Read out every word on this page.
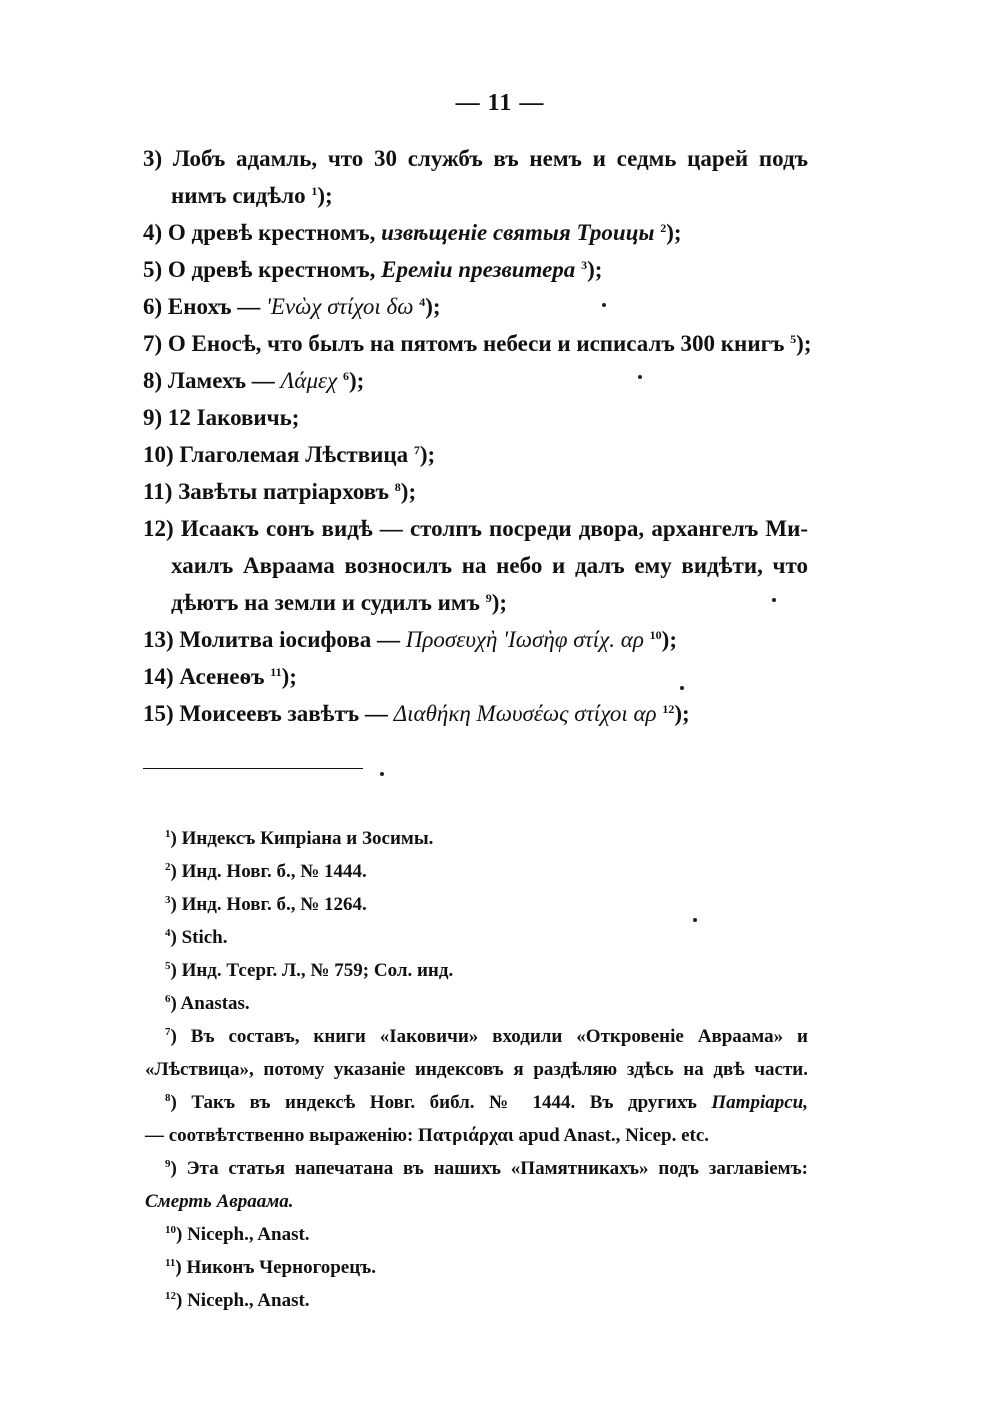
— 11 —
3) Лобъ адамль, что 30 службъ въ немъ и седмь царей подъ
нимъ сидѣло $^1$);
4) О древѣ крестномъ, извѣщеніе святыя Троицы $^2$);
5) О древѣ крестномъ, Ереміи презвитера $^3$);
6) Енохъ — 'Ενὼχ στίχοι δω $^4$);
7) О Еносѣ, что былъ на пятомъ небеси и исписалъ 300 книгъ $^5$);
8) Ламехъ — Λάμεχ $^6$);
9) 12 Іаковичь;
10) Глаголемая Лѣствица $^7$);
11) Завѣты патріарховъ $^8$);
12) Исаакъ сонъ видѣ — столпъ посреди двора, архангелъ Ми-
хаилъ Авраама возносилъ на небо и далъ ему видѣти, что
дѣютъ на земли и судилъ имъ $^9$);
13) Молитва іосифова — Προσευχὴ 'Ιωσὴφ στίχ. αρ $^{10}$);
14) Асенеѳъ $^{11}$);
15) Моисеевъ завѣтъ — Διαθήκη Μωυσέως στίχοι αρ $^{12}$);
$^1$) Индексъ Кипріана и Зосимы.
$^2$) Инд. Новг. б., № 1444.
$^3$) Инд. Новг. б., № 1264.
$^4$) Stich.
$^5$) Инд. Тсерг. Л., № 759; Сол. инд.
$^6$) Anastas.
$^7$) Въ составъ, книги «Іаковичи» входили «Откровеніе Авраама» и
«Лѣствица», потому указаніе индексовъ я раздѣляю здѣсь на двѣ части.
$^8$) Такъ въ индексѣ Новг. библ. № 1444. Въ другихъ Патріарси,
— соотвѣтственно выраженію: Πατριάρχαι apud Anast., Nicep. etc.
$^9$) Эта статья напечатана въ нашихъ «Памятникахъ» подъ заглавіемъ:
Смерть Авраама.
$^{10}$) Niceph., Anast.
$^{11}$) Никонъ Черногорецъ.
$^{12}$) Niceph., Anast.
